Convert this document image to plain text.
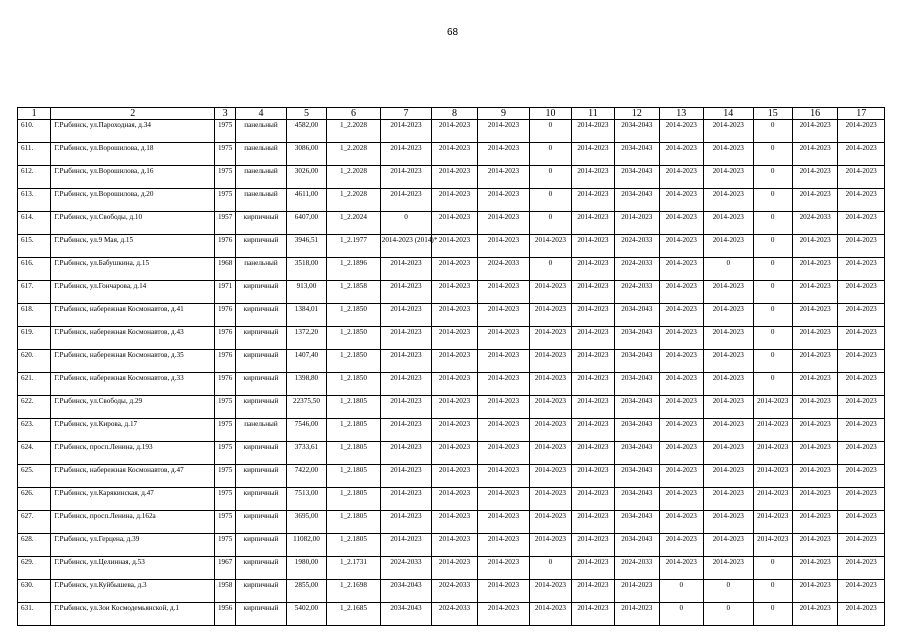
68
1	2	3	4	5	6	7	8	9	10	11	12	13	14	15	16	17
610.	Г.Рыбинск, ул.Пароходная, д.34	1975	панельный	4582,00	1_2.2028	2014-2023	2014-2023	2014-2023	0	2014-2023	2034-2043	2014-2023	2014-2023	0	2014-2023	2014-2023
611.	Г.Рыбинск, ул.Ворошилова, д.18	1975	панельный	3086,00	1_2.2028	2014-2023	2014-2023	2014-2023	0	2014-2023	2034-2043	2014-2023	2014-2023	0	2014-2023	2014-2023
612.	Г.Рыбинск, ул.Ворошилова, д.16	1975	панельный	3026,00	1_2.2028	2014-2023	2014-2023	2014-2023	0	2014-2023	2034-2043	2014-2023	2014-2023	0	2014-2023	2014-2023
613.	Г.Рыбинск, ул.Ворошилова, д.20	1975	панельный	4611,00	1_2.2028	2014-2023	2014-2023	2014-2023	0	2014-2023	2034-2043	2014-2023	2014-2023	0	2014-2023	2014-2023
614.	Г.Рыбинск, ул.Свободы, д.10	1957	кирпичный	6407,00	1_2.2024	0	2014-2023	2014-2023	0	2014-2023	2014-2023	2014-2023	2014-2023	0	2024-2033	2014-2023
615.	Г.Рыбинск, ул.9 Мая, д.15	1976	кирпичный	3946,51	1_2.1977	2014-2023 (2014)*	2014-2023	2014-2023	2014-2023	2014-2023	2024-2033	2014-2023	2014-2023	0	2014-2023	2014-2023
616.	Г.Рыбинск, ул.Бабушкина, д.15	1968	панельный	3518,00	1_2.1896	2014-2023	2014-2023	2024-2033	0	2014-2023	2024-2033	2014-2023	0	0	2014-2023	2014-2023
617.	Г.Рыбинск, ул.Гончарова, д.14	1971	кирпичный	913,00	1_2.1858	2014-2023	2014-2023	2014-2023	2014-2023	2014-2023	2024-2033	2014-2023	2014-2023	0	2014-2023	2014-2023
618.	Г.Рыбинск, набережная Космонавтов, д.41	1976	кирпичный	1384,01	1_2.1850	2014-2023	2014-2023	2014-2023	2014-2023	2014-2023	2034-2043	2014-2023	2014-2023	0	2014-2023	2014-2023
619.	Г.Рыбинск, набережная Космонавтов, д.43	1976	кирпичный	1372,20	1_2.1850	2014-2023	2014-2023	2014-2023	2014-2023	2014-2023	2034-2043	2014-2023	2014-2023	0	2014-2023	2014-2023
620.	Г.Рыбинск, набережная Космонавтов, д.35	1976	кирпичный	1407,40	1_2.1850	2014-2023	2014-2023	2014-2023	2014-2023	2014-2023	2034-2043	2014-2023	2014-2023	0	2014-2023	2014-2023
621.	Г.Рыбинск, набережная Космонавтов, д.33	1976	кирпичный	1398,80	1_2.1850	2014-2023	2014-2023	2014-2023	2014-2023	2014-2023	2034-2043	2014-2023	2014-2023	0	2014-2023	2014-2023
622.	Г.Рыбинск, ул.Свободы, д.29	1975	кирпичный	22375,50	1_2.1805	2014-2023	2014-2023	2014-2023	2014-2023	2014-2023	2034-2043	2014-2023	2014-2023	2014-2023	2014-2023	2014-2023
623.	Г.Рыбинск, ул.Кирова, д.17	1975	панельный	7546,00	1_2.1805	2014-2023	2014-2023	2014-2023	2014-2023	2014-2023	2034-2043	2014-2023	2014-2023	2014-2023	2014-2023	2014-2023
624.	Г.Рыбинск, просп.Ленина, д.193	1975	кирпичный	3733,61	1_2.1805	2014-2023	2014-2023	2014-2023	2014-2023	2014-2023	2034-2043	2014-2023	2014-2023	2014-2023	2014-2023	2014-2023
625.	Г.Рыбинск, набережная Космонавтов, д.47	1975	кирпичный	7422,00	1_2.1805	2014-2023	2014-2023	2014-2023	2014-2023	2014-2023	2034-2043	2014-2023	2014-2023	2014-2023	2014-2023	2014-2023
626.	Г.Рыбинск, ул.Карякинская, д.47	1975	кирпичный	7513,00	1_2.1805	2014-2023	2014-2023	2014-2023	2014-2023	2014-2023	2034-2043	2014-2023	2014-2023	2014-2023	2014-2023	2014-2023
627.	Г.Рыбинск, просп.Ленина, д.162а	1975	кирпичный	3695,00	1_2.1805	2014-2023	2014-2023	2014-2023	2014-2023	2014-2023	2034-2043	2014-2023	2014-2023	2014-2023	2014-2023	2014-2023
628.	Г.Рыбинск, ул.Герцена, д.39	1975	кирпичный	11082,00	1_2.1805	2014-2023	2014-2023	2014-2023	2014-2023	2014-2023	2034-2043	2014-2023	2014-2023	2014-2023	2014-2023	2014-2023
629.	Г.Рыбинск, ул.Целинная, д.53	1967	кирпичный	1980,00	1_2.1731	2024-2033	2014-2023	2014-2023	0	2014-2023	2024-2033	2014-2023	2014-2023	0	2014-2023	2014-2023
630.	Г.Рыбинск, ул.Куйбышева, д.3	1958	кирпичный	2855,00	1_2.1698	2034-2043	2024-2033	2014-2023	2014-2023	2014-2023	2014-2023	0	0	0	2014-2023	2014-2023
631.	Г.Рыбинск, ул.Зои Космодемьянской, д.1	1956	кирпичный	5402,00	1_2.1685	2034-2043	2024-2033	2014-2023	2014-2023	2014-2023	2014-2023	0	0	0	2014-2023	2014-2023
